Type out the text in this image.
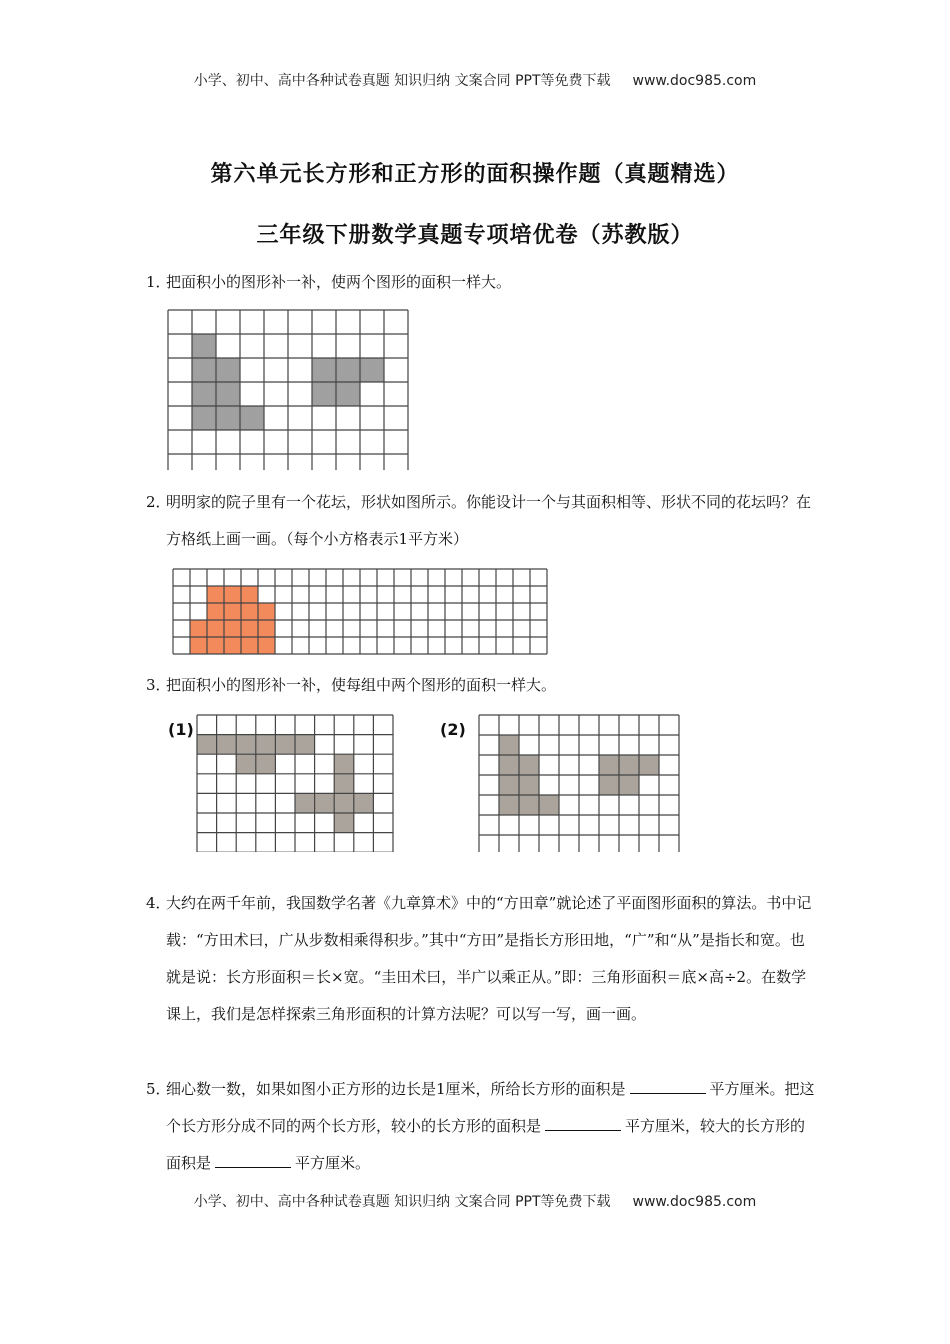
小学、初中、高中各种试卷真题 知识归纳 文案合同 PPT等免费下载 www.doc985.com
第六单元长方形和正方形的面积操作题（真题精选）
三年级下册数学真题专项培优卷（苏教版）
1．
把面积小的图形补一补，使两个图形的面积一样大。
2．
明明家的院子里有一个花坛，形状如图所示。你能设计一个与其面积相等、形状不同的花坛吗？在方格纸上画一画。（每个小方格表示1平方米）
3．
把面积小的图形补一补，使每组中两个图形的面积一样大。
(1)	(2)
4．
大约在两千年前，我国数学名著《九章算术》中的“方田章”就论述了平面图形面积的算法。书中记载：“方田术曰，广从步数相乘得积步。”其中“方田”是指长方形田地，“广”和“从”是指长和宽。也就是说：长方形面积＝长×宽。“圭田术曰，半广以乘正从。”即：三角形面积＝底×高÷2。在数学课上，我们是怎样探索三角形面积的计算方法呢？可以写一写，画一画。
5．
细心数一数，如果如图小正方形的边长是1厘米，所给长方形的面积是	平方厘米。把这个长方形分成不同的两个长方形，较小的长方形的面积是	平方厘米，较大的长方形的面积是	平方厘米。
小学、初中、高中各种试卷真题 知识归纳 文案合同 PPT等免费下载 www.doc985.com
